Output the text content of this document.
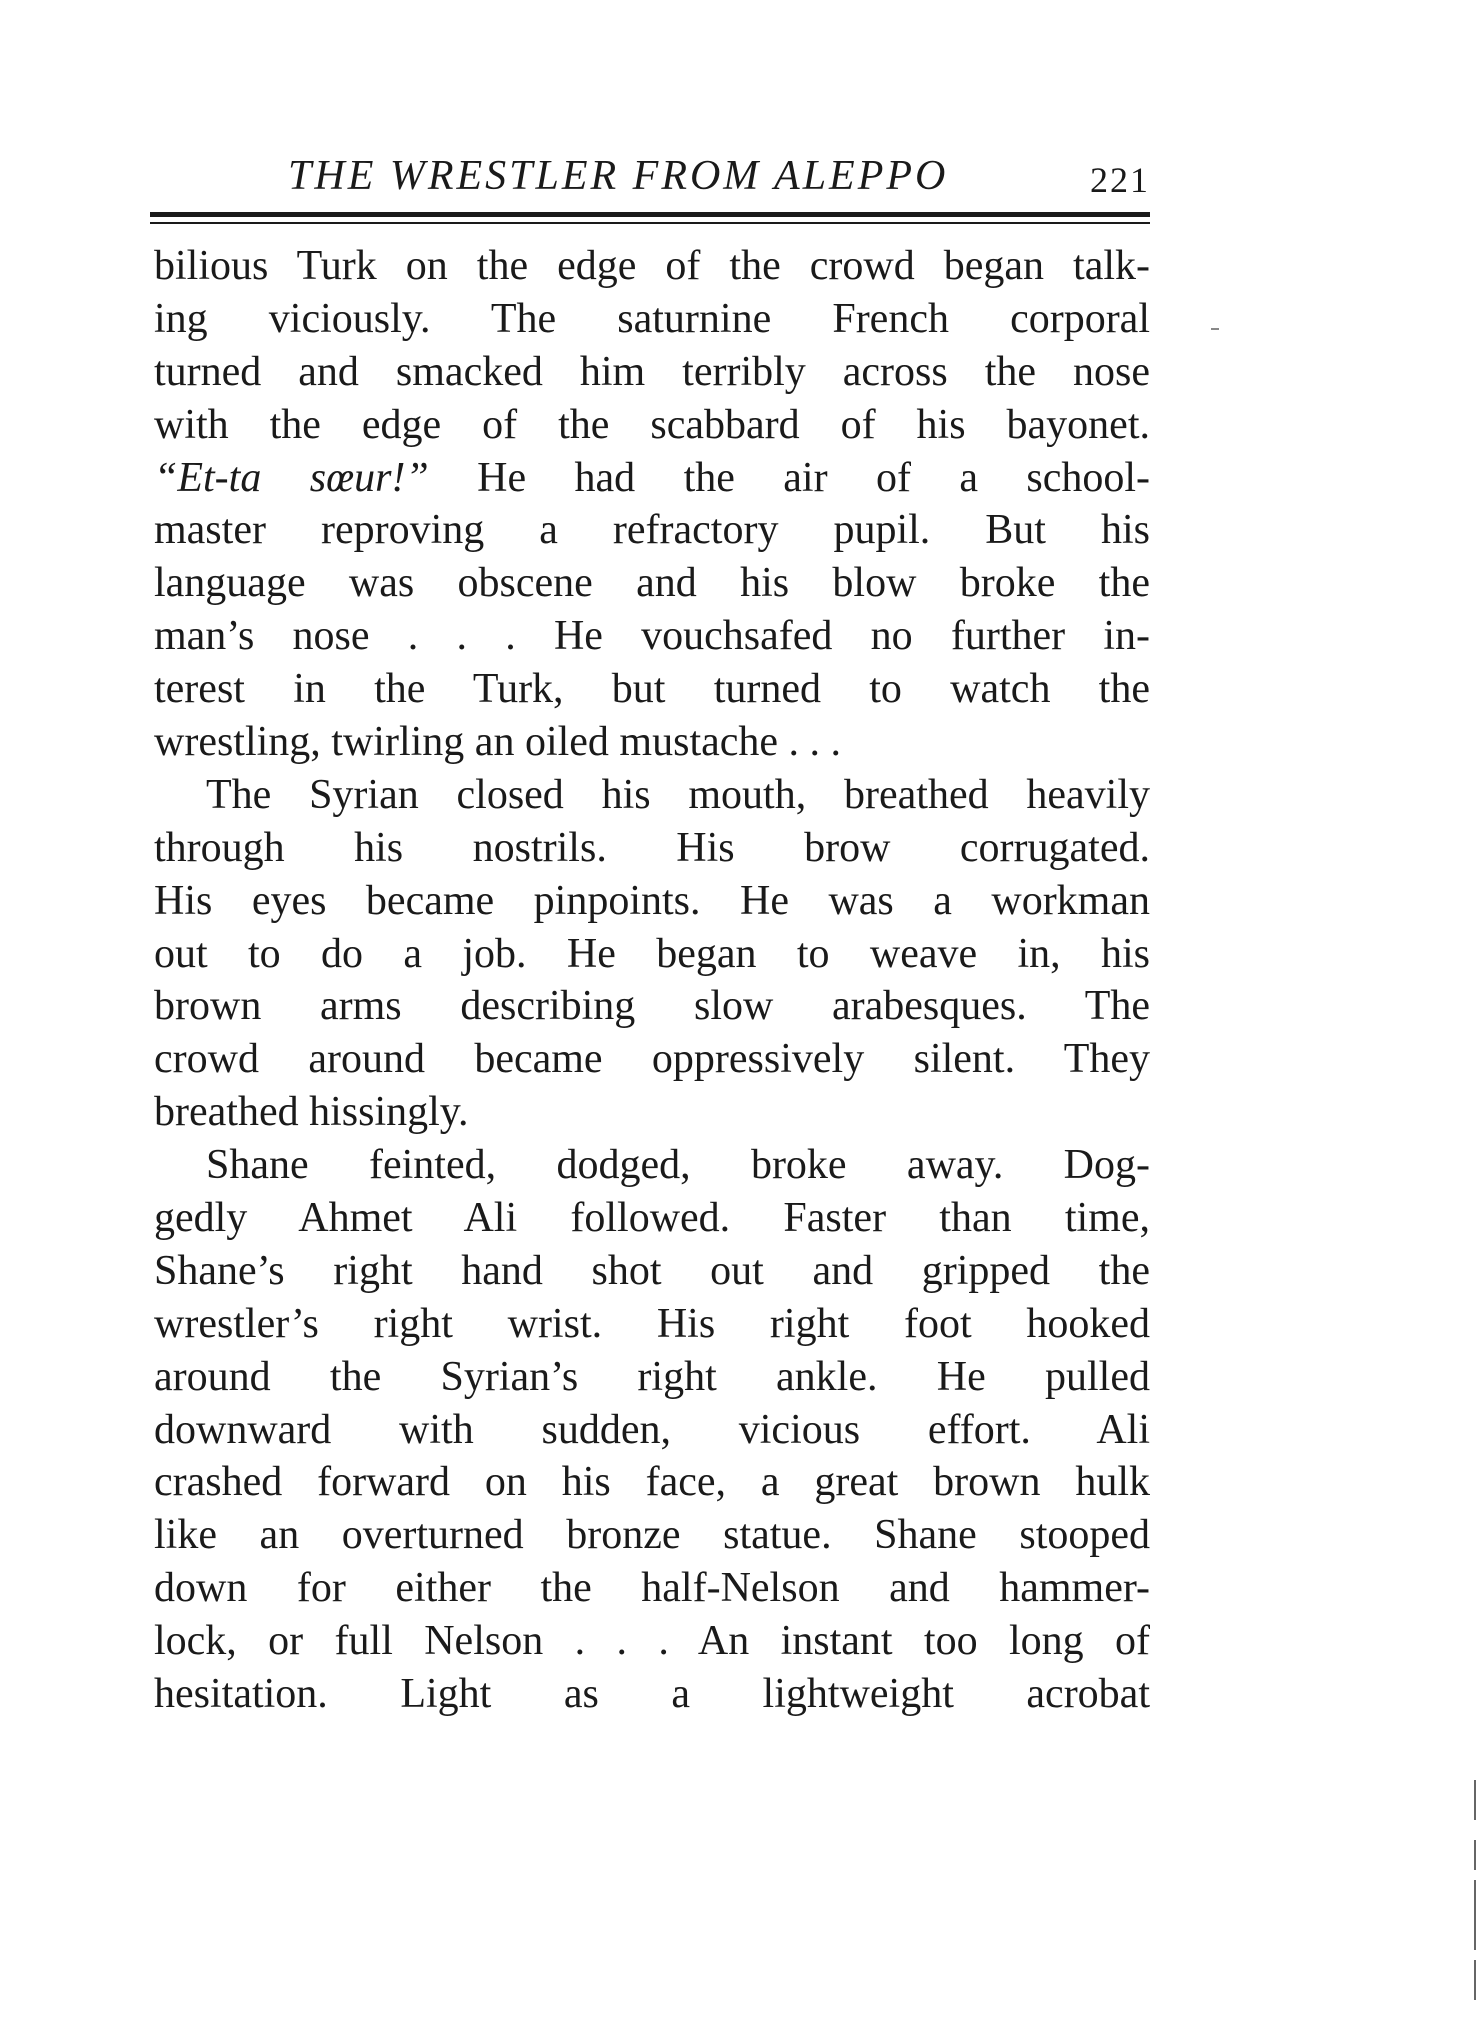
THE WRESTLER FROM ALEPPO	221
bilious Turk on the edge of the crowd began talk-
ing viciously. The saturnine French corporal
turned and smacked him terribly across the nose
with the edge of the scabbard of his bayonet.
“Et-ta sœur!” He had the air of a school-
master reproving a refractory pupil. But his
language was obscene and his blow broke the
man’s nose . . . He vouchsafed no further in-
terest in the Turk, but turned to watch the
wrestling, twirling an oiled mustache . . .
The Syrian closed his mouth, breathed heavily
through his nostrils. His brow corrugated.
His eyes became pinpoints. He was a workman
out to do a job. He began to weave in, his
brown arms describing slow arabesques. The
crowd around became oppressively silent. They
breathed hissingly.
Shane feinted, dodged, broke away. Dog-
gedly Ahmet Ali followed. Faster than time,
Shane’s right hand shot out and gripped the
wrestler’s right wrist. His right foot hooked
around the Syrian’s right ankle. He pulled
downward with sudden, vicious effort. Ali
crashed forward on his face, a great brown hulk
like an overturned bronze statue. Shane stooped
down for either the half-Nelson and hammer-
lock, or full Nelson . . . An instant too long of
hesitation. Light as a lightweight acrobat
